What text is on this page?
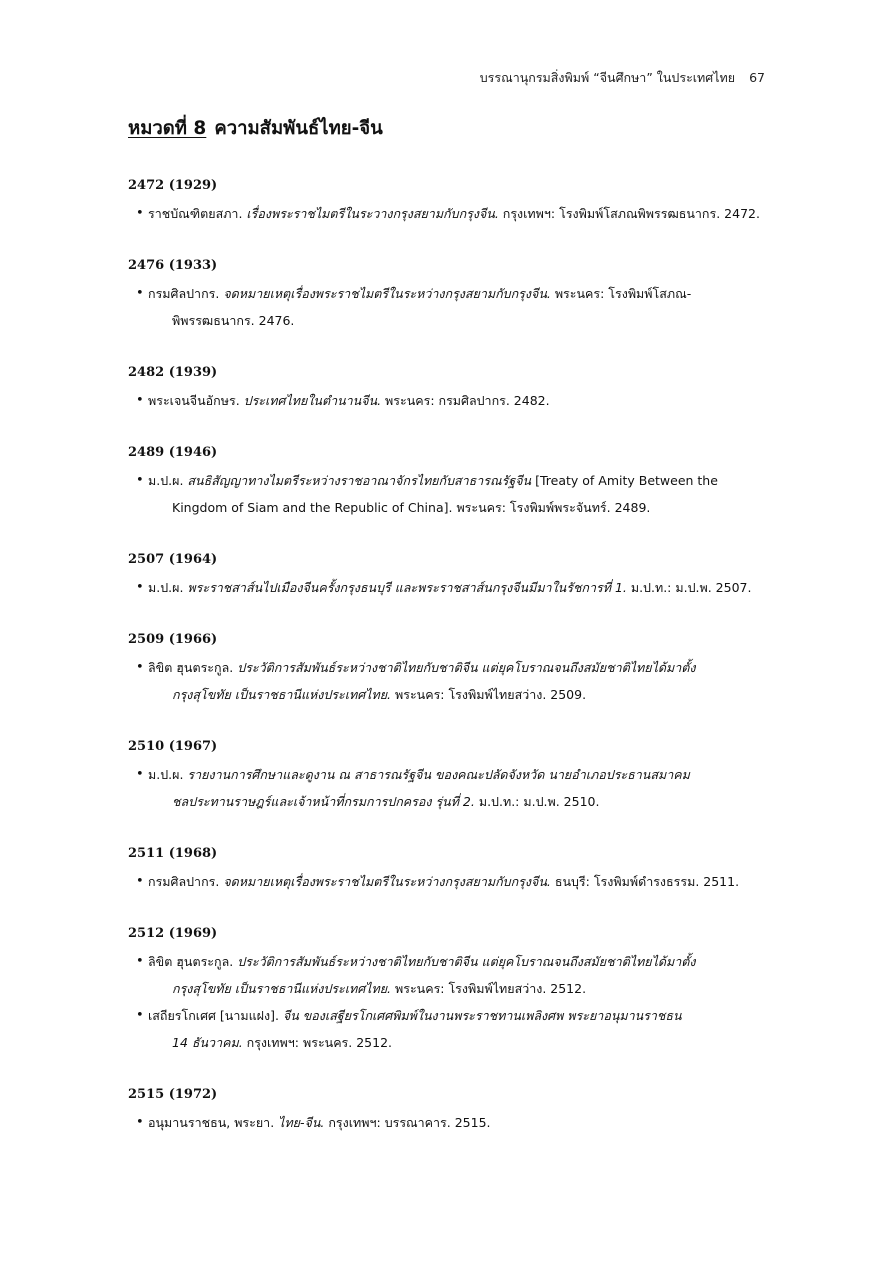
บรรณานุกรมสิ่งพิมพ์ “จีนศึกษา” ในประเทศไทย 67
หมวดที่ 8 ความสัมพันธ์ไทย-จีน
2472 (1929)
• ราชบัณฑิตยสภา. เรื่องพระราชไมตรีในระวางกรุงสยามกับกรุงจีน. กรุงเทพฯ: โรงพิมพ์โสภณพิพรรฒธนากร. 2472.
2476 (1933)
• กรมศิลปากร. จดหมายเหตุเรื่องพระราชไมตรีในระหว่างกรุงสยามกับกรุงจีน. พระนคร: โรงพิมพ์โสภณ-
พิพรรฒธนากร. 2476.
2482 (1939)
• พระเจนจีนอักษร. ประเทศไทยในตำนานจีน. พระนคร: กรมศิลปากร. 2482.
2489 (1946)
• ม.ป.ผ. สนธิสัญญาทางไมตรีระหว่างราชอาณาจักรไทยกับสาธารณรัฐจีน [Treaty of Amity Between the
Kingdom of Siam and the Republic of China]. พระนคร: โรงพิมพ์พระจันทร์. 2489.
2507 (1964)
• ม.ป.ผ. พระราชสาส์นไปเมืองจีนครั้งกรุงธนบุรี และพระราชสาส์นกรุงจีนมีมาในรัชการที่ 1. ม.ป.ท.: ม.ป.พ. 2507.
2509 (1966)
• ลิขิต ฮุนตระกูล. ประวัติการสัมพันธ์ระหว่างชาติไทยกับชาติจีน แต่ยุคโบราณจนถึงสมัยชาติไทยได้มาตั้ง
กรุงสุโขทัย เป็นราชธานีแห่งประเทศไทย. พระนคร: โรงพิมพ์ไทยสว่าง. 2509.
2510 (1967)
• ม.ป.ผ. รายงานการศึกษาและดูงาน ณ สาธารณรัฐจีน ของคณะปลัดจังหวัด นายอำเภอประธานสมาคม
ชลประทานราษฎร์และเจ้าหน้าที่กรมการปกครอง รุ่นที่ 2. ม.ป.ท.: ม.ป.พ. 2510.
2511 (1968)
• กรมศิลปากร. จดหมายเหตุเรื่องพระราชไมตรีในระหว่างกรุงสยามกับกรุงจีน. ธนบุรี: โรงพิมพ์ดำรงธรรม. 2511.
2512 (1969)
• ลิขิต ฮุนตระกูล. ประวัติการสัมพันธ์ระหว่างชาติไทยกับชาติจีน แต่ยุคโบราณจนถึงสมัยชาติไทยได้มาตั้ง
กรุงสุโขทัย เป็นราชธานีแห่งประเทศไทย. พระนคร: โรงพิมพ์ไทยสว่าง. 2512.
• เสถียรโกเศศ [นามแฝง]. จีน ของเสฐียรโกเศศพิมพ์ในงานพระราชทานเพลิงศพ พระยาอนุมานราชธน
14 ธันวาคม. กรุงเทพฯ: พระนคร. 2512.
2515 (1972)
• อนุมานราชธน, พระยา. ไทย-จีน. กรุงเทพฯ: บรรณาคาร. 2515.
